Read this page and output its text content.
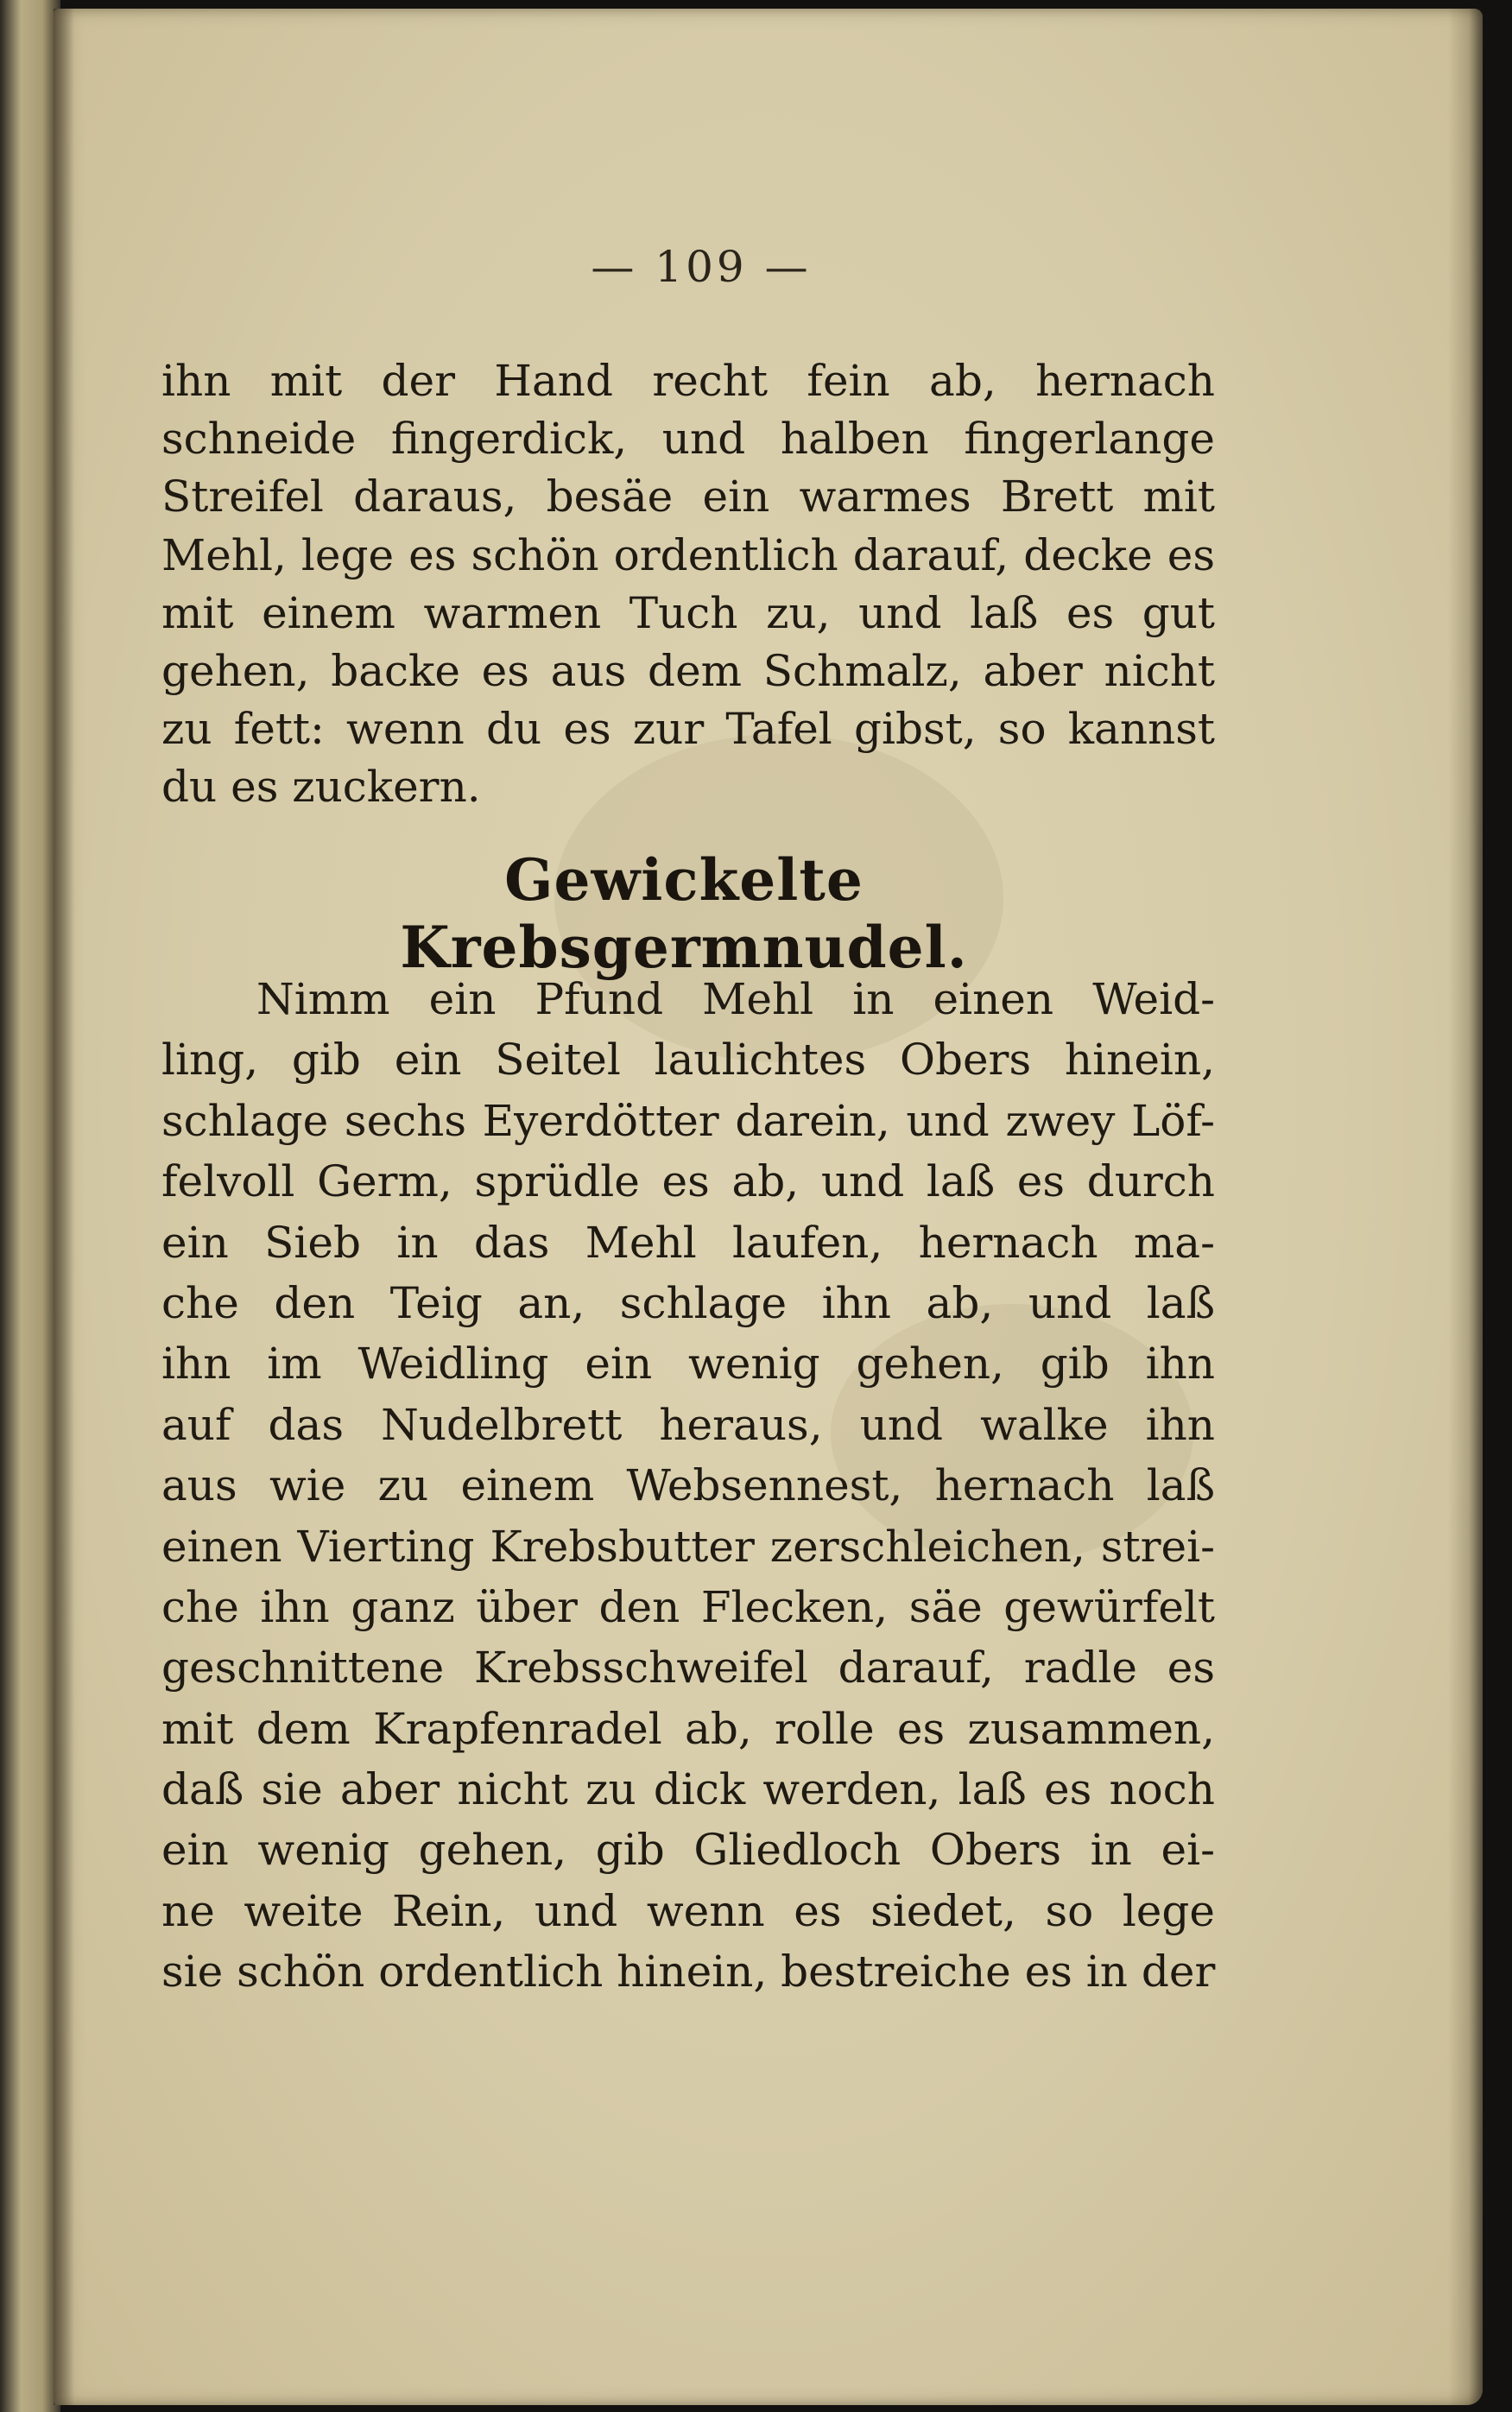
— 109 —
ihn mit der Hand recht fein ab, hernach
schneide fingerdick, und halben fingerlange
Streifel daraus, besäe ein warmes Brett mit
Mehl, lege es schön ordentlich darauf, decke es
mit einem warmen Tuch zu, und laß es gut
gehen, backe es aus dem Schmalz, aber nicht
zu fett: wenn du es zur Tafel gibst, so kannst
du es zuckern.
Gewickelte Krebsgermnudel.
Nimm ein Pfund Mehl in einen Weid-
ling, gib ein Seitel laulichtes Obers hinein,
schlage sechs Eyerdötter darein, und zwey Löf-
felvoll Germ, sprüdle es ab, und laß es durch
ein Sieb in das Mehl laufen, hernach ma-
che den Teig an, schlage ihn ab, und laß
ihn im Weidling ein wenig gehen, gib ihn
auf das Nudelbrett heraus, und walke ihn
aus wie zu einem Websennest, hernach laß
einen Vierting Krebsbutter zerschleichen, strei-
che ihn ganz über den Flecken, säe gewürfelt
geschnittene Krebsschweifel darauf, radle es
mit dem Krapfenradel ab, rolle es zusammen,
daß sie aber nicht zu dick werden, laß es noch
ein wenig gehen, gib Gliedloch Obers in ei-
ne weite Rein, und wenn es siedet, so lege
sie schön ordentlich hinein, bestreiche es in der
